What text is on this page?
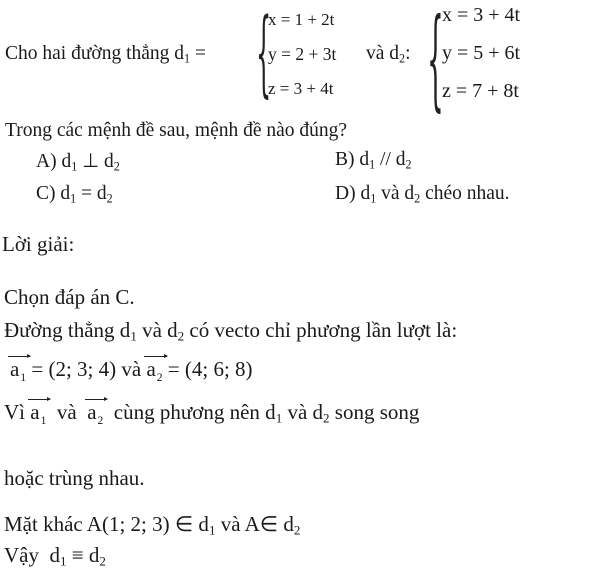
Cho hai đường thẳng $d_1$ = {
x = 1 + 2t
y = 2 + 3t
z = 3 + 4t
và $d_2$: {
x = 3 + 4t
y = 5 + 6t
z = 7 + 8t
Trong các mệnh đề sau, mệnh đề nào đúng?
A) $d_1$ ⊥ $d_2$	B) $d_1 // d_2$
C) $d_1 = d_2$	D) $d_1$ và $d_2$ chéo nhau.
Lời giải:
Chọn đáp án C.
Đường thẳng $d_1$ và $d_2$ có vecto chỉ phương lần lượt là:
$a_1 = (2$; 3; 4) và $a_2 = (4$; 6; 8)
Vì $a_1$  và  $a_2$  cùng phương nên $d_1$ và $d_2$ song song
hoặc trùng nhau.
Mặt khác A(1; 2; 3) ∈ $d_1$ và A∈ $d_2$
Vậy  $d_1 \equiv d_2$
